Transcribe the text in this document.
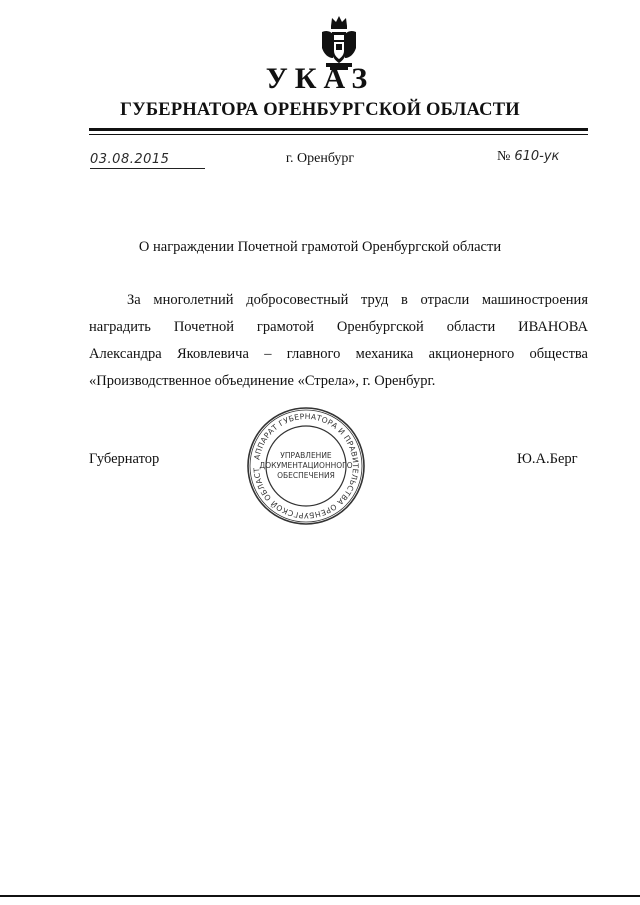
УКАЗ
ГУБЕРНАТОРА ОРЕНБУРГСКОЙ ОБЛАСТИ
03.08.2015	г. Оренбург	№ 610-ук
О награждении Почетной грамотой Оренбургской области
За многолетний добросовестный труд в отрасли машиностроения
наградить Почетной грамотой Оренбургской области ИВАНОВА
Александра Яковлевича – главного механика акционерного общества
«Производственное объединение «Стрела», г. Оренбург.
Губернатор	Ю.А.Берг
АППАРАТ ГУБЕРНАТОРА И ПРАВИТЕЛЬСТВА ОРЕНБУРГСКОЙ ОБЛАСТ
УПРАВЛЕНИЕ
ДОКУМЕНТАЦИОННОГО
ОБЕСПЕЧЕНИЯ
